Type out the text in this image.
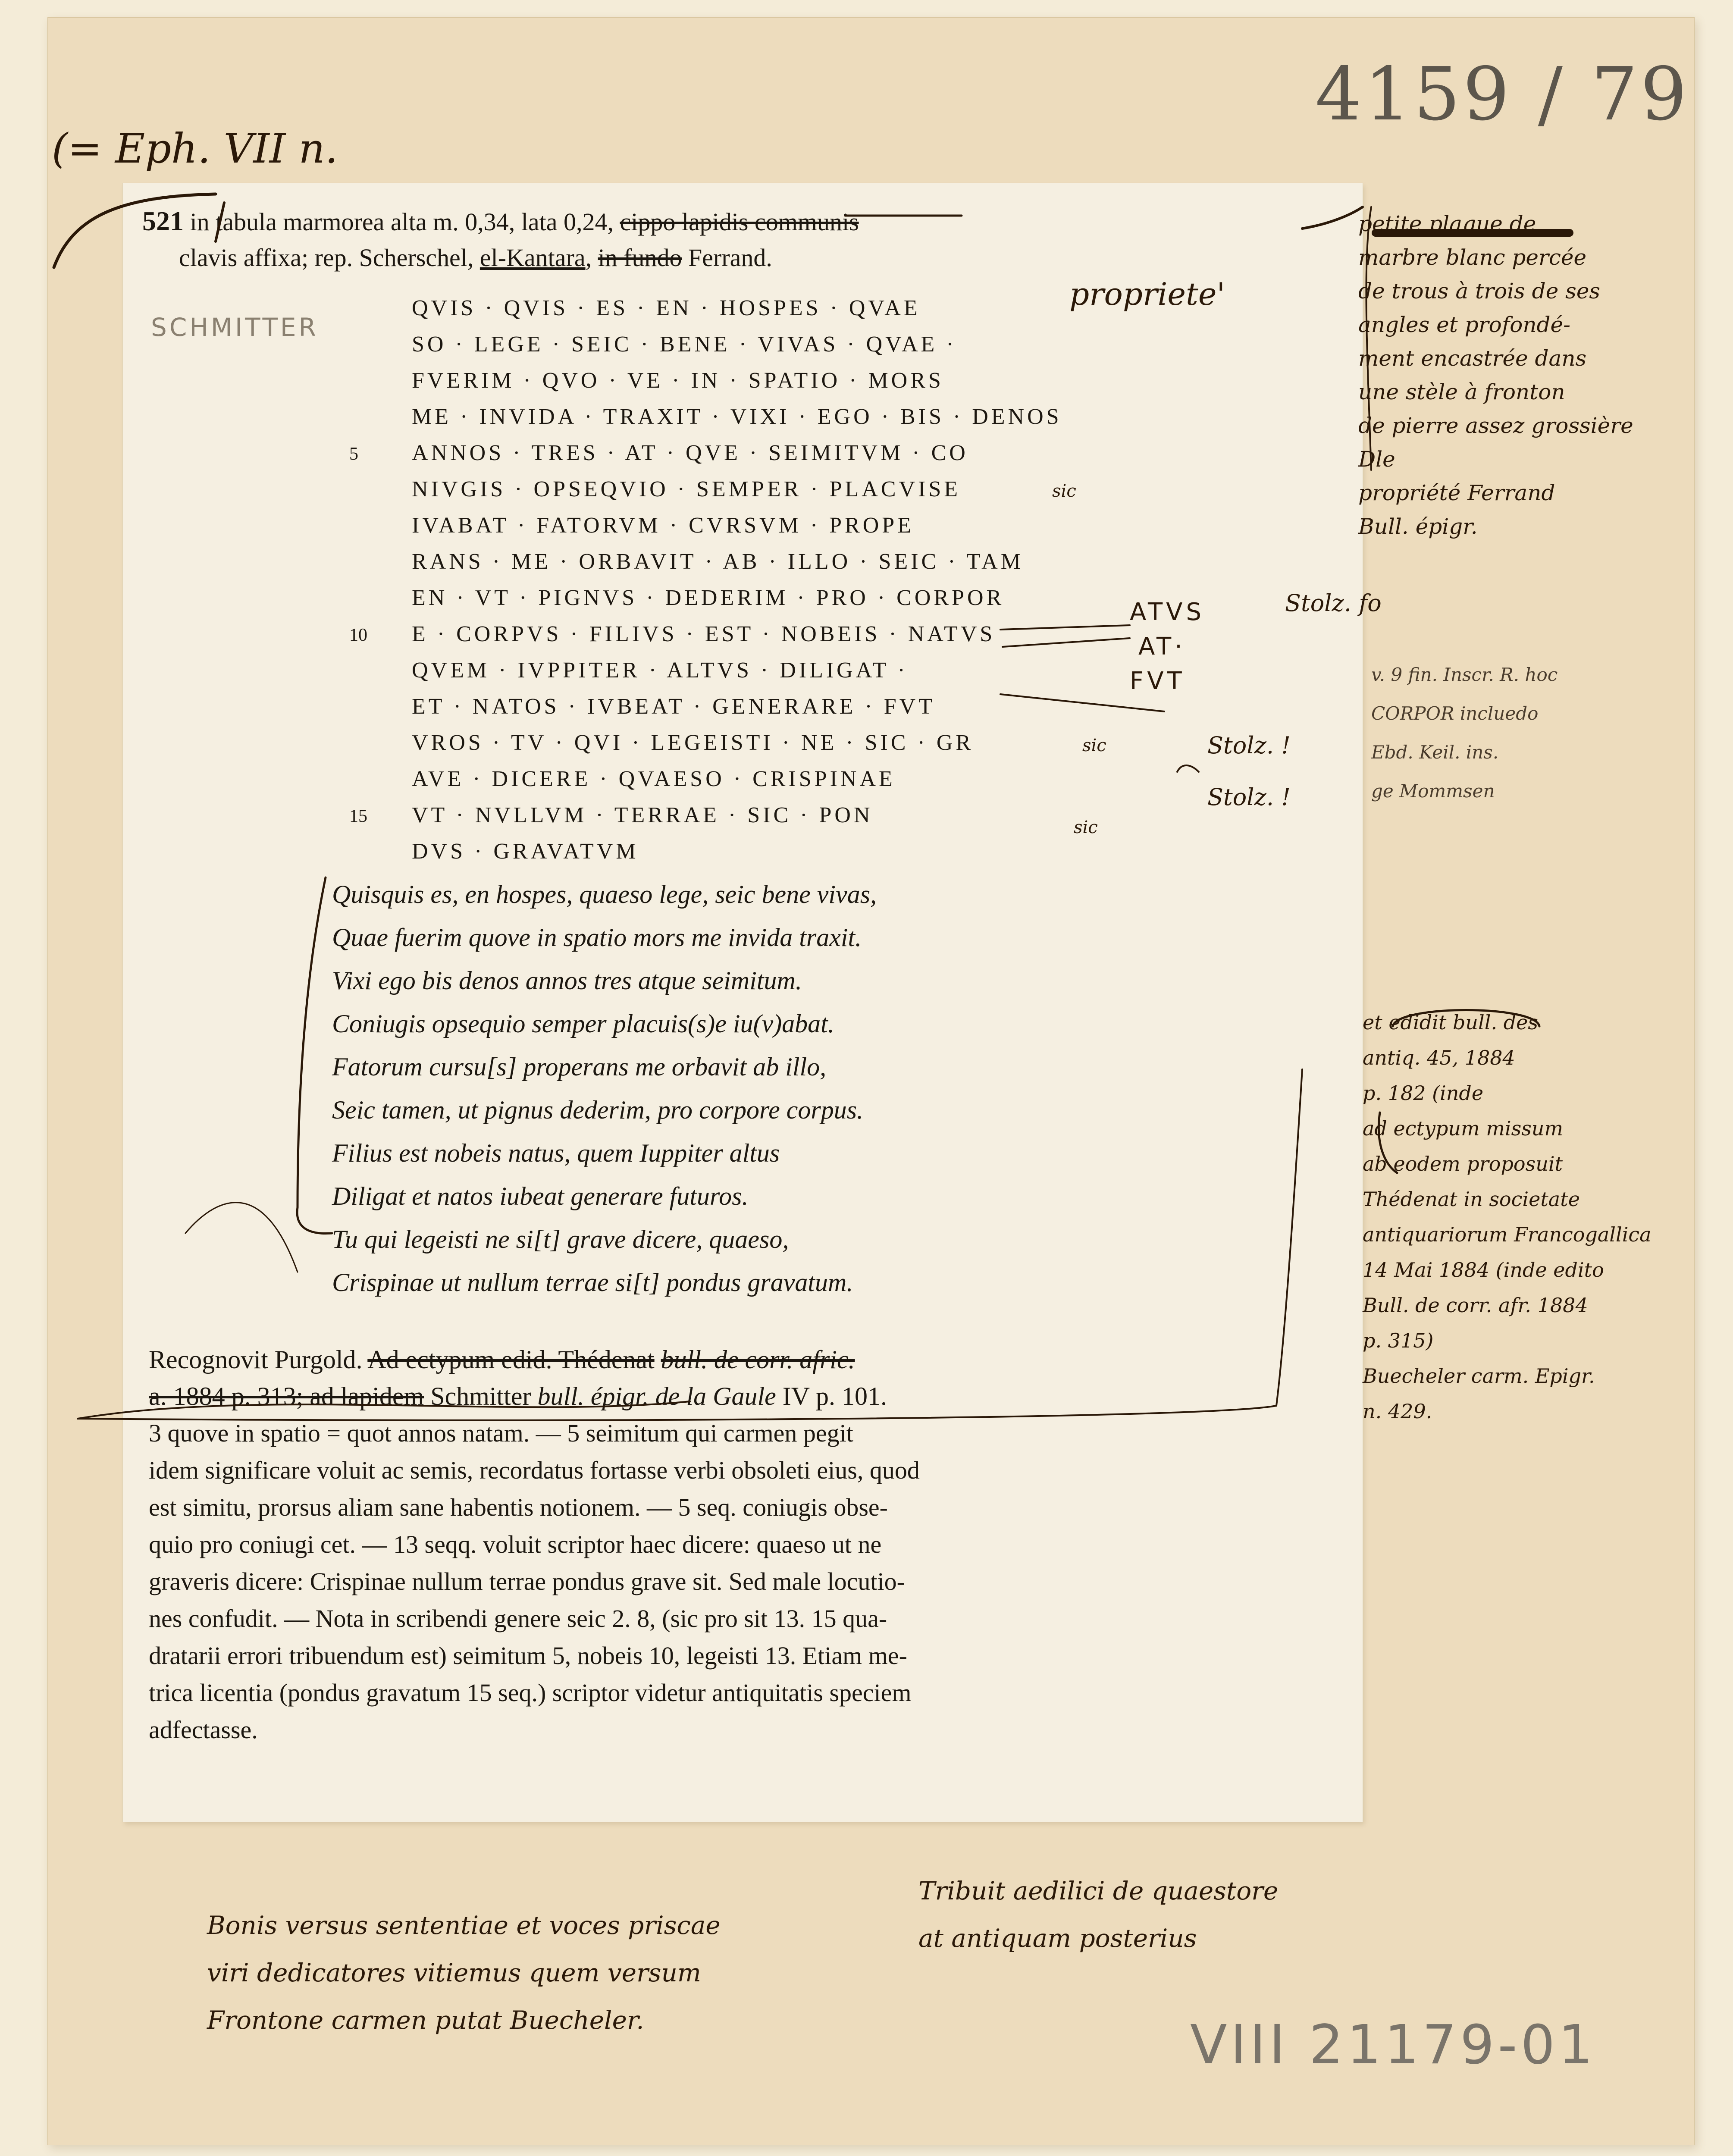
4159 / 79
(= Eph. VII n.
521 in tabula marmorea alta m. 0,34, lata 0,24, cippo lapidis communis
clavis affixa; rep. Scherschel, el-Kantara, in fundo Ferrand.
SCHMITTER
propriete'
QVIS · QVIS · ES · EN · HOSPES · QVAE
SO · LEGE · SEIC · BENE · VIVAS · QVAE ·
FVERIM · QVO · VE · IN · SPATIO · MORS
ME · INVIDA · TRAXIT · VIXI · EGO · BIS · DENOS
5 ANNOS · TRES · AT · QVE · SEIMITVM · CO
NIVGIS · OPSEQVIO · SEMPER · PLACVISE
IVABAT · FATORVM · CVRSVM · PROPE
RANS · ME · ORBAVIT · AB · ILLO · SEIC · TAM
EN · VT · PIGNVS · DEDERIM · PRO · CORPOR
10 E · CORPVS · FILIVS · EST · NOBEIS · NATVS
QVEM · IVPPITER · ALTVS · DILIGAT ·
ET · NATOS · IVBEAT · GENERARE · FVT
VROS · TV · QVI · LEGEISTI · NE · SIC · GR
AVE · DICERE · QVAESO · CRISPINAE
15 VT · NVLLVM · TERRAE · SIC · PON
DVS · GRAVATVM
Quisquis es, en hospes, quaeso lege, seic bene vivas,
Quae fuerim quove in spatio mors me invida traxit.
Vixi ego bis denos annos tres atque seimitum.
Coniugis opsequio semper placuis(s)e iu(v)abat.
Fatorum cursu[s] properans me orbavit ab illo,
Seic tamen, ut pignus dederim, pro corpore corpus.
Filius est nobeis natus, quem Iuppiter altus
Diligat et natos iubeat generare futuros.
Tu qui legeisti ne si[t] grave dicere, quaeso,
Crispinae ut nullum terrae si[t] pondus gravatum.
Recognovit Purgold. Ad ectypum edid. Thédenat bull. de corr. afric.
a. 1884 p. 313; ad lapidem Schmitter bull. épigr. de la Gaule IV p. 101.
3 quove in spatio = quot annos natam. — 5 seimitum qui carmen pegit
idem significare voluit ac semis, recordatus fortasse verbi obsoleti eius, quod
est simitu, prorsus aliam sane habentis notionem. — 5 seq. coniugis obse-
quio pro coniugi cet. — 13 seqq. voluit scriptor haec dicere: quaeso ut ne
graveris dicere: Crispinae nullum terrae pondus grave sit. Sed male locutio-
nes confudit. — Nota in scribendi genere seic 2. 8, (sic pro sit 13. 15 qua-
dratarii errori tribuendum est) seimitum 5, nobeis 10, legeisti 13. Etiam me-
trica licentia (pondus gravatum 15 seq.) scriptor videtur antiquitatis speciem
adfectasse.
petite plaque de
marbre blanc percée
de trous à trois de ses
angles et profondé-
ment encastrée dans
une stèle à fronton
de pierre assez grossière
Dle
propriété Ferrand
Bull. épigr.
ATVS
AT·
FVT
Stolz. fo
Stolz. !
Stolz. !
sic
sic
sic
v. 9 fin. Inscr. R. hoc
CORPOR incluedo
Ebd. Keil. ins.
ge Mommsen
et edidit bull. des
antiq. 45, 1884
p. 182 (inde
ad ectypum missum
ab eodem proposuit
Thédenat in societate
antiquariorum Francogallica
14 Mai 1884 (inde edito
Bull. de corr. afr. 1884
p. 315)
Buecheler carm. Epigr.
n. 429.
Bonis versus sententiae et voces priscae
viri dedicatores vitiemus quem versum
Frontone carmen putat Buecheler.
Tribuit aedilici de quaestore
at antiquam posterius
VIII 21179-01
